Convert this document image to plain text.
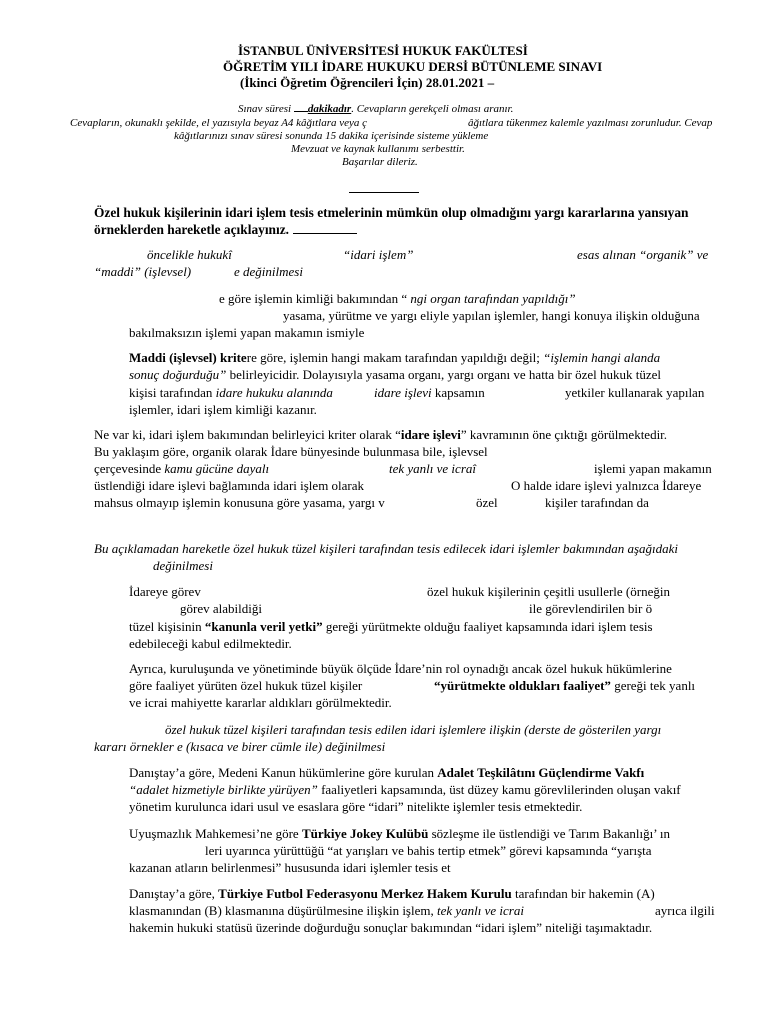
İSTANBUL ÜNİVERSİTESİ HUKUK FAKÜLTESİ
ÖĞRETİM YILI İDARE HUKUKU DERSİ BÜTÜNLEME SINAVI
(İkinci Öğretim Öğrencileri İçin) 28.01.2021 –
Sınav süresi dakikadır. Cevapların gerekçeli olması aranır.
Cevapların, okunaklı şekilde, el yazısıyla beyaz A4 kâğıtlara veya ç	âğıtlara tükenmez kalemle yazılması zorunludur. Cevap
kâğıtlarınızı sınav süresi sonunda 15 dakika içerisinde sisteme yükleme
Mevzuat ve kaynak kullanımı serbesttir.
Başarılar dileriz.
Özel hukuk kişilerinin idari işlem tesis etmelerinin mümkün olup olmadığını yargı kararlarına yansıyan
örneklerden hareketle açıklayınız.
öncelikle hukukî	“idari işlem”	esas alınan “organik” ve
“maddi” (işlevsel)	e değinilmesi
e göre işlemin kimliği bakımından “ ngi organ tarafından yapıldığı”
yasama, yürütme ve yargı eliyle yapılan işlemler, hangi konuya ilişkin olduğuna
bakılmaksızın işlemi yapan makamın ismiyle
Maddi (işlevsel) kritere göre, işlemin hangi makam tarafından yapıldığı değil; “işlemin hangi alanda
sonuç doğurduğu” belirleyicidir. Dolayısıyla yasama organı, yargı organı ve hatta bir özel hukuk tüzel
kişisi tarafından idare hukuku alanında	idare işlevi kapsamın	yetkiler kullanarak yapılan
işlemler, idari işlem kimliği kazanır.
Ne var ki, idari işlem bakımından belirleyici kriter olarak “idare işlevi” kavramının öne çıktığı görülmektedir.
Bu yaklaşım göre, organik olarak İdare bünyesinde bulunmasa bile, işlevsel
çerçevesinde kamu gücüne dayalı	tek yanlı ve icraî	işlemi yapan makamın
üstlendiği idare işlevi bağlamında idari işlem olarak	O halde idare işlevi yalnızca İdareye
mahsus olmayıp işlemin konusuna göre yasama, yargı v	özel	kişiler tarafından da
Bu açıklamadan hareketle özel hukuk tüzel kişileri tarafından tesis edilecek idari işlemler bakımından aşağıdaki
değinilmesi
İdareye görev	özel hukuk kişilerinin çeşitli usullerle (örneğin
görev alabildiği	ile görevlendirilen bir ö
tüzel kişisinin “kanunla veril yetki” gereği yürütmekte olduğu faaliyet kapsamında idari işlem tesis
edebileceği kabul edilmektedir.
Ayrıca, kuruluşunda ve yönetiminde büyük ölçüde İdare’nin rol oynadığı ancak özel hukuk hükümlerine
göre faaliyet yürüten özel hukuk tüzel kişiler	“yürütmekte oldukları faaliyet” gereği tek yanlı
ve icrai mahiyette kararlar aldıkları görülmektedir.
özel hukuk tüzel kişileri tarafından tesis edilen idari işlemlere ilişkin (derste de gösterilen yargı
kararı örnekler e (kısaca ve birer cümle ile) değinilmesi
Danıştay’a göre, Medeni Kanun hükümlerine göre kurulan Adalet Teşkilâtını Güçlendirme Vakfı
“adalet hizmetiyle birlikte yürüyen” faaliyetleri kapsamında, üst düzey kamu görevlilerinden oluşan vakıf
yönetim kurulunca idari usul ve esaslara göre “idari” nitelikte işlemler tesis etmektedir.
Uyuşmazlık Mahkemesi’ne göre Türkiye Jokey Kulübü sözleşme ile üstlendiği ve Tarım Bakanlığı’ ın
leri uyarınca yürüttüğü “at yarışları ve bahis tertip etmek” görevi kapsamında “yarışta
kazanan atların belirlenmesi” hususunda idari işlemler tesis et
Danıştay’a göre, Türkiye Futbol Federasyonu Merkez Hakem Kurulu tarafından bir hakemin (A)
klasmanından (B) klasmanına düşürülmesine ilişkin işlem, tek yanlı ve icrai	ayrıca ilgili
hakemin hukuki statüsü üzerinde doğurduğu sonuçlar bakımından “idari işlem” niteliği taşımaktadır.
